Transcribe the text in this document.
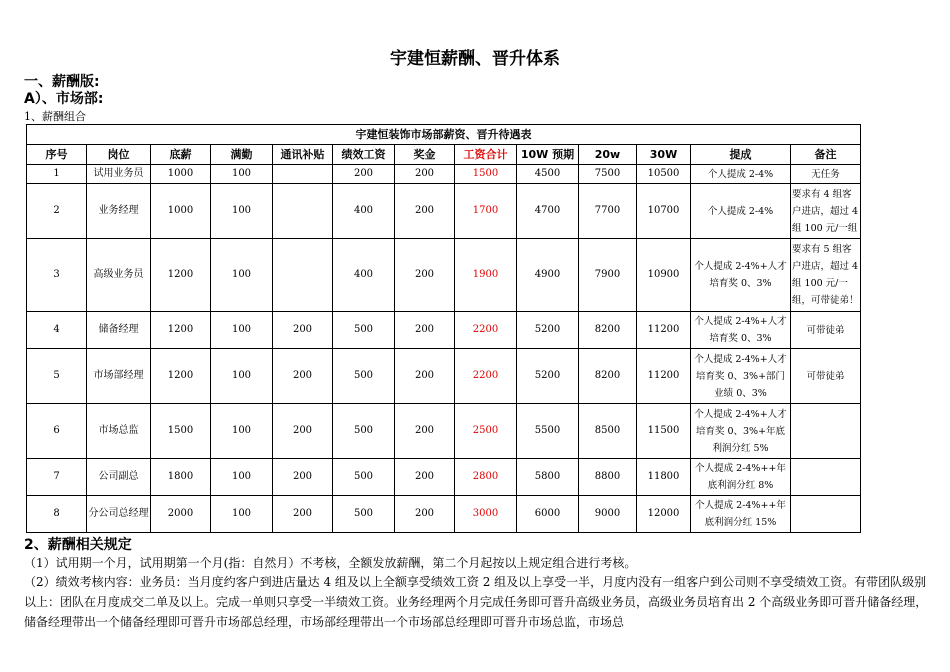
宇建恒薪酬、晋升体系
一、薪酬版:
A）、市场部:
1、薪酬组合
宇建恒装饰市场部薪资、晋升待遇表												
序号	岗位	底薪	满勤	通讯补贴	绩效工资	奖金	工资合计	10W 预期	20w	30W	提成	备注
1	试用业务员	1000	100		200	200	1500	4500	7500	10500	个人提成 2-4%	无任务
2	业务经理	1000	100		400	200	1700	4700	7700	10700	个人提成 2-4%	要求有 4 组客户进店，超过 4 组 100 元/一组
3	高级业务员	1200	100		400	200	1900	4900	7900	10900	个人提成 2-4%+人才培育奖 0、3%	要求有 5 组客户进店，超过 4 组 100 元/一组，可带徒弟！
4	储备经理	1200	100	200	500	200	2200	5200	8200	11200	个人提成 2-4%+人才培育奖 0、3%	可带徒弟
5	市场部经理	1200	100	200	500	200	2200	5200	8200	11200	个人提成 2-4%+人才培育奖 0、3%+部门业绩 0、3%	可带徒弟
6	市场总监	1500	100	200	500	200	2500	5500	8500	11500	个人提成 2-4%+人才培育奖 0、3%+年底利润分红 5%	
7	公司副总	1800	100	200	500	200	2800	5800	8800	11800	个人提成 2-4%++年底利润分红 8%	
8	分公司总经理	2000	100	200	500	200	3000	6000	9000	12000	个人提成 2-4%++年底利润分红 15%	
2、薪酬相关规定
（1）试用期一个月，试用期第一个月(指：自然月）不考核，全额发放薪酬，第二个月起按以上规定组合进行考核。
（2）绩效考核内容：业务员：当月度约客户到进店量达 4 组及以上全额享受绩效工资 2 组及以上享受一半，月度内没有一组客户到公司则不享受绩效工资。有带团队级别以上：团队在月度成交二单及以上。完成一单则只享受一半绩效工资。业务经理两个月完成任务即可晋升高级业务员，高级业务员培育出 2 个高级业务即可晋升储备经理，储备经理带出一个储备经理即可晋升市场部总经理，市场部经理带出一个市场部总经理即可晋升市场总监，市场总
